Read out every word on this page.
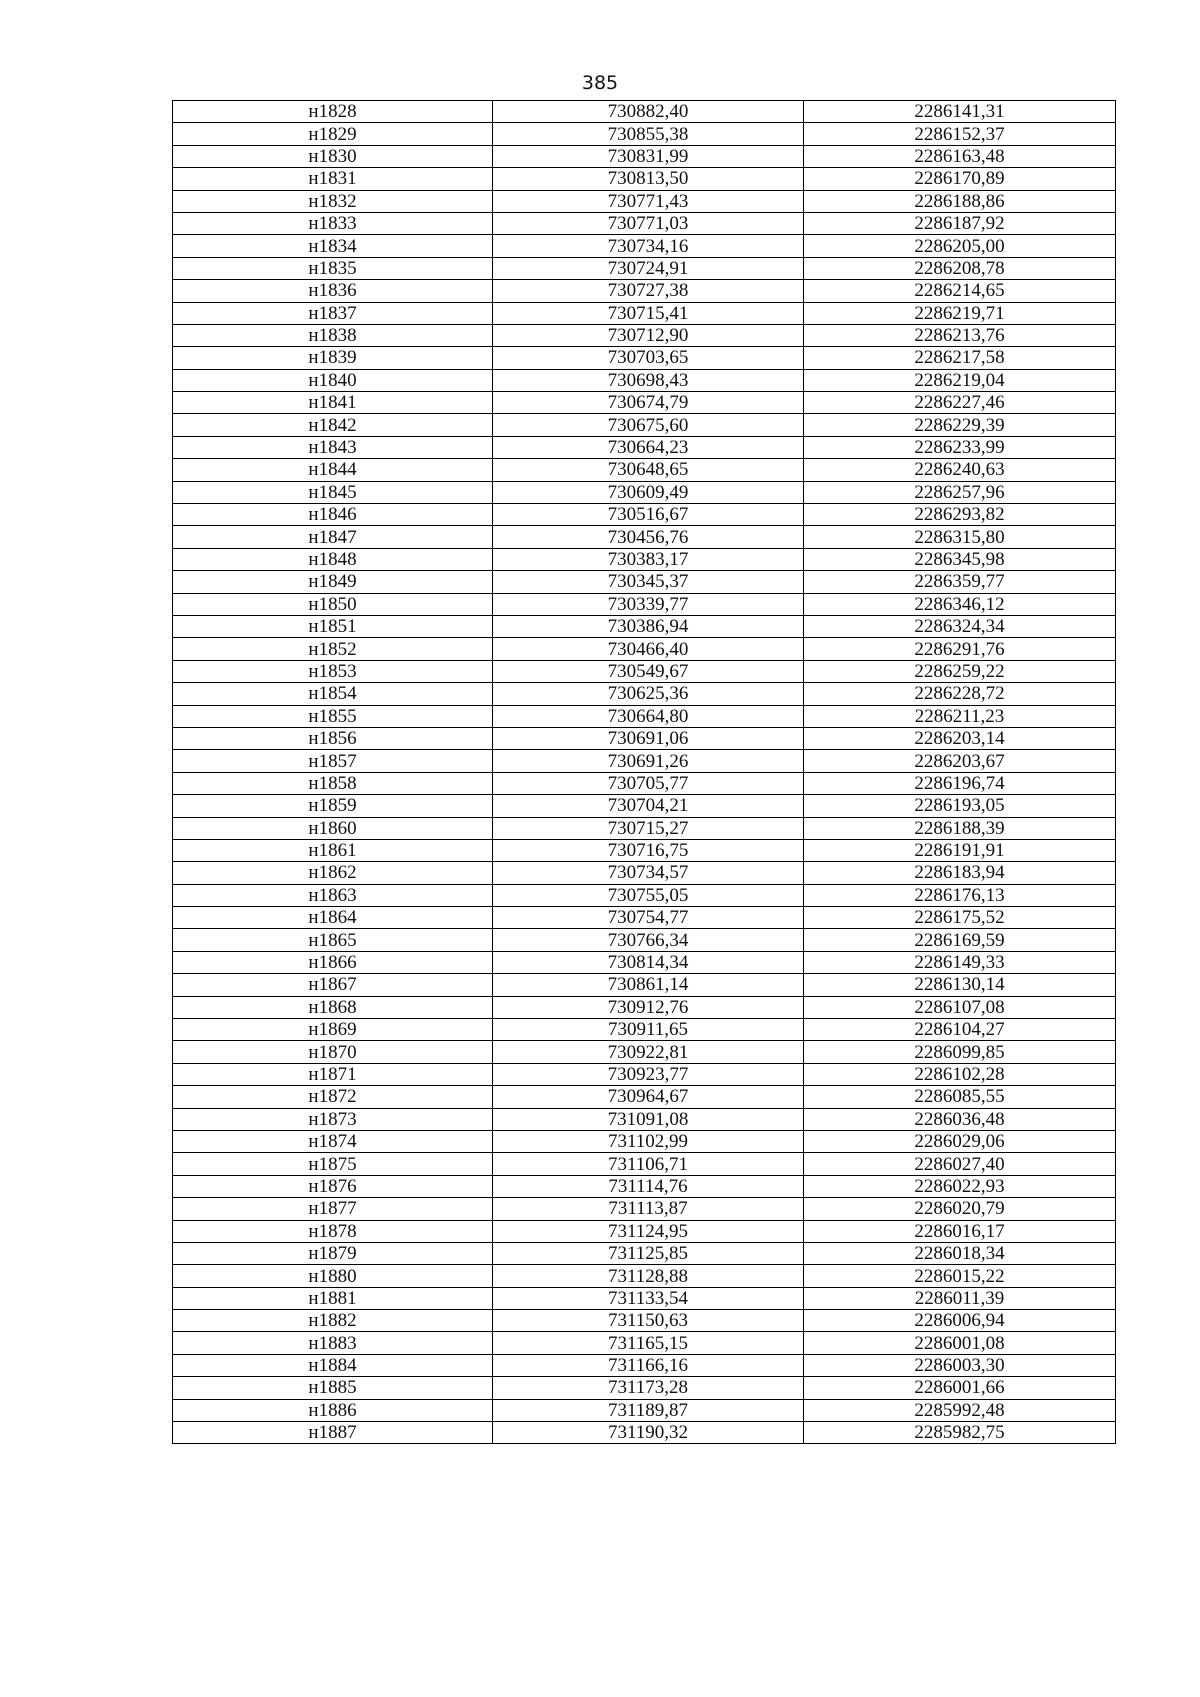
385
н1828	730882,40	2286141,31
н1829	730855,38	2286152,37
н1830	730831,99	2286163,48
н1831	730813,50	2286170,89
н1832	730771,43	2286188,86
н1833	730771,03	2286187,92
н1834	730734,16	2286205,00
н1835	730724,91	2286208,78
н1836	730727,38	2286214,65
н1837	730715,41	2286219,71
н1838	730712,90	2286213,76
н1839	730703,65	2286217,58
н1840	730698,43	2286219,04
н1841	730674,79	2286227,46
н1842	730675,60	2286229,39
н1843	730664,23	2286233,99
н1844	730648,65	2286240,63
н1845	730609,49	2286257,96
н1846	730516,67	2286293,82
н1847	730456,76	2286315,80
н1848	730383,17	2286345,98
н1849	730345,37	2286359,77
н1850	730339,77	2286346,12
н1851	730386,94	2286324,34
н1852	730466,40	2286291,76
н1853	730549,67	2286259,22
н1854	730625,36	2286228,72
н1855	730664,80	2286211,23
н1856	730691,06	2286203,14
н1857	730691,26	2286203,67
н1858	730705,77	2286196,74
н1859	730704,21	2286193,05
н1860	730715,27	2286188,39
н1861	730716,75	2286191,91
н1862	730734,57	2286183,94
н1863	730755,05	2286176,13
н1864	730754,77	2286175,52
н1865	730766,34	2286169,59
н1866	730814,34	2286149,33
н1867	730861,14	2286130,14
н1868	730912,76	2286107,08
н1869	730911,65	2286104,27
н1870	730922,81	2286099,85
н1871	730923,77	2286102,28
н1872	730964,67	2286085,55
н1873	731091,08	2286036,48
н1874	731102,99	2286029,06
н1875	731106,71	2286027,40
н1876	731114,76	2286022,93
н1877	731113,87	2286020,79
н1878	731124,95	2286016,17
н1879	731125,85	2286018,34
н1880	731128,88	2286015,22
н1881	731133,54	2286011,39
н1882	731150,63	2286006,94
н1883	731165,15	2286001,08
н1884	731166,16	2286003,30
н1885	731173,28	2286001,66
н1886	731189,87	2285992,48
н1887	731190,32	2285982,75
